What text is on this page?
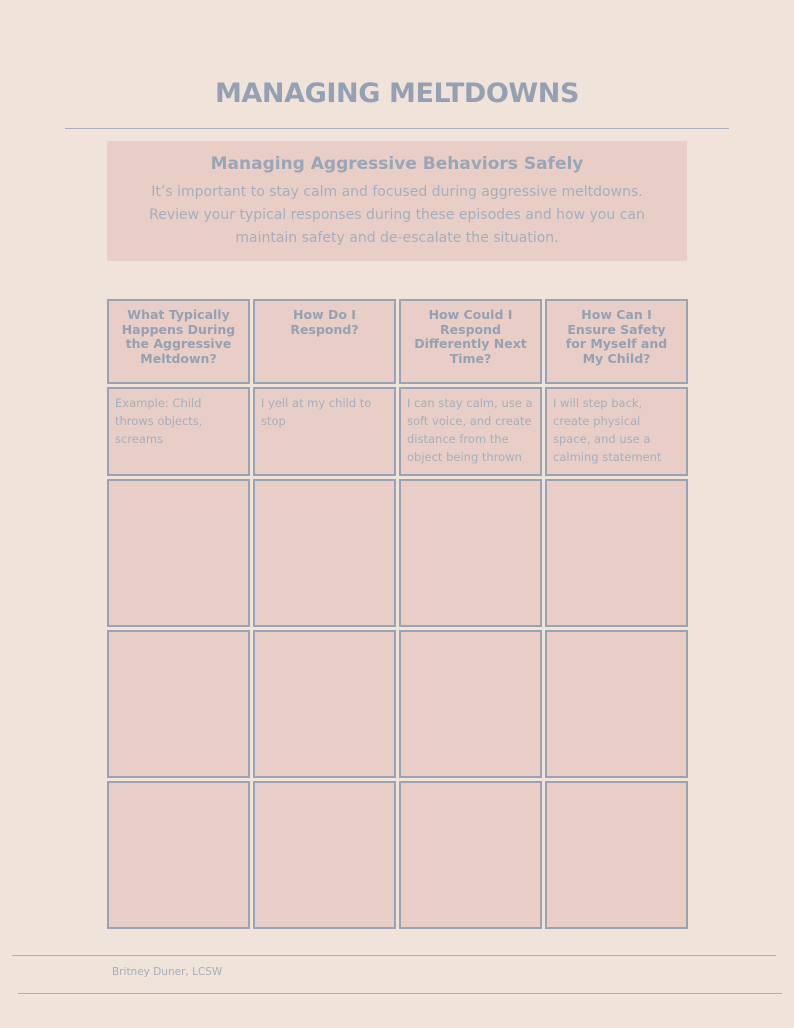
MANAGING MELTDOWNS

Managing Aggressive Behaviors Safely

It’s important to stay calm and focused during aggressive meltdowns. Review your typical responses during these episodes and how you can maintain safety and de-escalate the situation.

What Typically Happens During the Aggressive Meltdown?
How Do I Respond?
How Could I Respond Differently Next Time?
How Can I Ensure Safety for Myself and My Child?
Example: Child throws objects, screams
I yell at my child to stop
I can stay calm, use a soft voice, and create distance from the object being thrown
I will step back, create physical space, and use a calming statement
Britney Duner, LCSW
